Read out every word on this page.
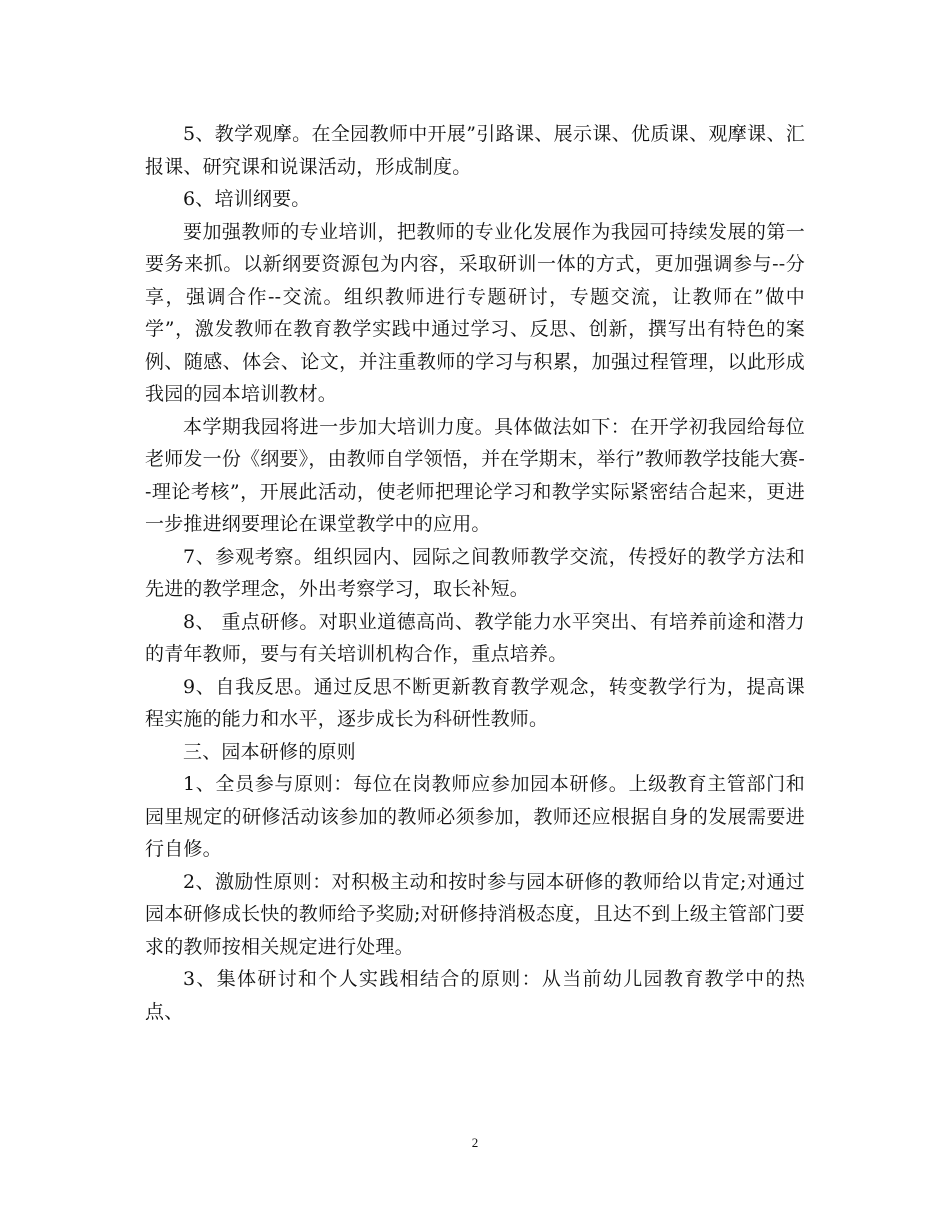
5、教学观摩。在全园教师中开展”引路课、展示课、优质课、观摩课、汇报课、研究课和说课活动，形成制度。

6、培训纲要。

要加强教师的专业培训，把教师的专业化发展作为我园可持续发展的第一要务来抓。以新纲要资源包为内容，采取研训一体的方式，更加强调参与--分享，强调合作--交流。组织教师进行专题研讨，专题交流，让教师在”做中学”，激发教师在教育教学实践中通过学习、反思、创新，撰写出有特色的案例、随感、体会、论文，并注重教师的学习与积累，加强过程管理，以此形成我园的园本培训教材。

本学期我园将进一步加大培训力度。具体做法如下：在开学初我园给每位老师发一份《纲要》，由教师自学领悟，并在学期末，举行”教师教学技能大赛--理论考核”，开展此活动，使老师把理论学习和教学实际紧密结合起来，更进一步推进纲要理论在课堂教学中的应用。

7、参观考察。组织园内、园际之间教师教学交流，传授好的教学方法和先进的教学理念，外出考察学习，取长补短。

8、 重点研修。对职业道德高尚、教学能力水平突出、有培养前途和潜力的青年教师，要与有关培训机构合作，重点培养。

9、自我反思。通过反思不断更新教育教学观念，转变教学行为，提高课程实施的能力和水平，逐步成长为科研性教师。

三、园本研修的原则

1、全员参与原则：每位在岗教师应参加园本研修。上级教育主管部门和园里规定的研修活动该参加的教师必须参加，教师还应根据自身的发展需要进行自修。

2、激励性原则：对积极主动和按时参与园本研修的教师给以肯定;对通过园本研修成长快的教师给予奖励;对研修持消极态度，且达不到上级主管部门要求的教师按相关规定进行处理。

3、集体研讨和个人实践相结合的原则：从当前幼儿园教育教学中的热点、

2
